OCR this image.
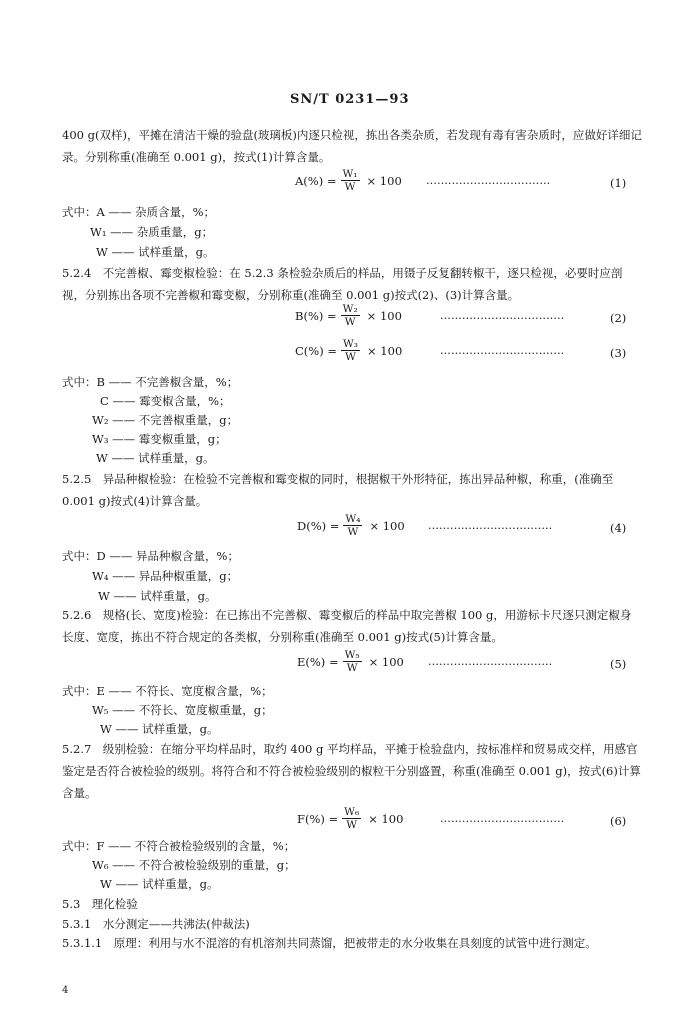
SN/T 0231—93
400 g(双样)，平摊在清洁干燥的验盘(玻璃板)内逐只检视，拣出各类杂质，若发现有毒有害杂质时，应做好详细记录。分别称重(准确至 0.001 g)，按式(1)计算含量。
$A(\%) = \frac{\text{W₁}}{W} \times 100$ ··································	(1)
式中：A —— 杂质含量，%；
W₁ —— 杂质重量，g；
W —— 试样重量，g。
5.2.4　不完善椒、霉变椒检验：在 5.2.3 条检验杂质后的样品，用镊子反复翻转椒干，逐只检视，必要时应剖视，分别拣出各项不完善椒和霉变椒，分别称重(准确至 0.001 g)按式(2)、(3)计算含量。
$B(\%) = \frac{\text{W₂}}{W} \times 100$	··································	(2)
$C(\%) = \frac{\text{W₃}}{W} \times 100$	··································	(3)
式中：B —— 不完善椒含量，%；
C —— 霉变椒含量，%；
W₂ —— 不完善椒重量，g；
W₃ —— 霉变椒重量，g；
W —— 试样重量，g。
5.2.5　异品种椒检验：在检验不完善椒和霉变椒的同时，根据椒干外形特征，拣出异品种椒，称重，(准确至 0.001 g)按式(4)计算含量。
$D(\%) = \frac{\text{W₄}}{W} \times 100$ ··································	(4)
式中：D —— 异品种椒含量，%；
W₄ —— 异品种椒重量，g；
W —— 试样重量，g。
5.2.6　规格(长、宽度)检验：在已拣出不完善椒、霉变椒后的样品中取完善椒 100 g，用游标卡尺逐只测定椒身长度、宽度，拣出不符合规定的各类椒，分别称重(准确至 0.001 g)按式(5)计算含量。
$E(\%) = \frac{\text{W₅}}{W} \times 100$ ··································	(5)
式中：E —— 不符长、宽度椒含量，%；
W₅ —— 不符长、宽度椒重量，g；
W —— 试样重量，g。
5.2.7　级别检验：在缩分平均样品时，取约 400 g 平均样品，平摊于检验盘内，按标准样和贸易成交样，用感官鉴定是否符合被检验的级别。将符合和不符合被检验级别的椒粒干分别盛置，称重(准确至 0.001 g)，按式(6)计算含量。
$F(\%) = \frac{\text{W₆}}{W} \times 100$	··································	(6)
式中：F —— 不符合被检验级别的含量，%；
W₆ —— 不符合被检验级别的重量，g；
W —— 试样重量，g。
5.3　理化检验
5.3.1　水分测定——共沸法(仲裁法)
5.3.1.1　原理：利用与水不混溶的有机溶剂共同蒸馏，把被带走的水分收集在具刻度的试管中进行测定。
4
